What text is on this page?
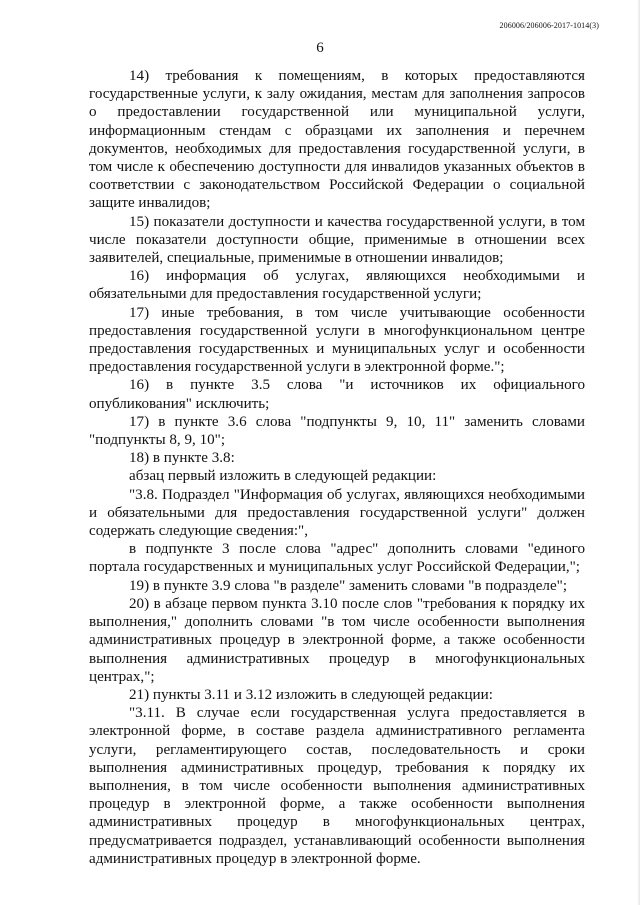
206006/206006-2017-1014(3)
6

14) требования к помещениям, в которых предоставляются государственные услуги, к залу ожидания, местам для заполнения запросов о предоставлении государственной или муниципальной услуги, информационным стендам с образцами их заполнения и перечнем документов, необходимых для предоставления государственной услуги, в том числе к обеспечению доступности для инвалидов указанных объектов в соответствии с законодательством Российской Федерации о социальной защите инвалидов;

15) показатели доступности и качества государственной услуги, в том числе показатели доступности общие, применимые в отношении всех заявителей, специальные, применимые в отношении инвалидов;

16) информация об услугах, являющихся необходимыми и обязательными для предоставления государственной услуги;

17) иные требования, в том числе учитывающие особенности предоставления государственной услуги в многофункциональном центре предоставления государственных и муниципальных услуг и особенности предоставления государственной услуги в электронной форме.";

16) в пункте 3.5 слова "и источников их официального опубликования" исключить;

17) в пункте 3.6 слова "подпункты 9, 10, 11" заменить словами "подпункты 8, 9, 10";

18) в пункте 3.8:

абзац первый изложить в следующей редакции:

"3.8. Подраздел "Информация об услугах, являющихся необходимыми и обязательными для предоставления государственной услуги" должен содержать следующие сведения:",

в подпункте 3 после слова "адрес" дополнить словами "единого портала государственных и муниципальных услуг Российской Федерации,";

19) в пункте 3.9 слова "в разделе" заменить словами "в подразделе";

20) в абзаце первом пункта 3.10 после слов "требования к порядку их выполнения," дополнить словами "в том числе особенности выполнения административных процедур в электронной форме, а также особенности выполнения административных процедур в многофункциональных центрах,";

21) пункты 3.11 и 3.12 изложить в следующей редакции:

"3.11. В случае если государственная услуга предоставляется в электронной форме, в составе раздела административного регламента услуги, регламентирующего состав, последовательность и сроки выполнения административных процедур, требования к порядку их выполнения, в том числе особенности выполнения административных процедур в электронной форме, а также особенности выполнения административных процедур в многофункциональных центрах, предусматривается подраздел, устанавливающий особенности выполнения административных процедур в электронной форме.
